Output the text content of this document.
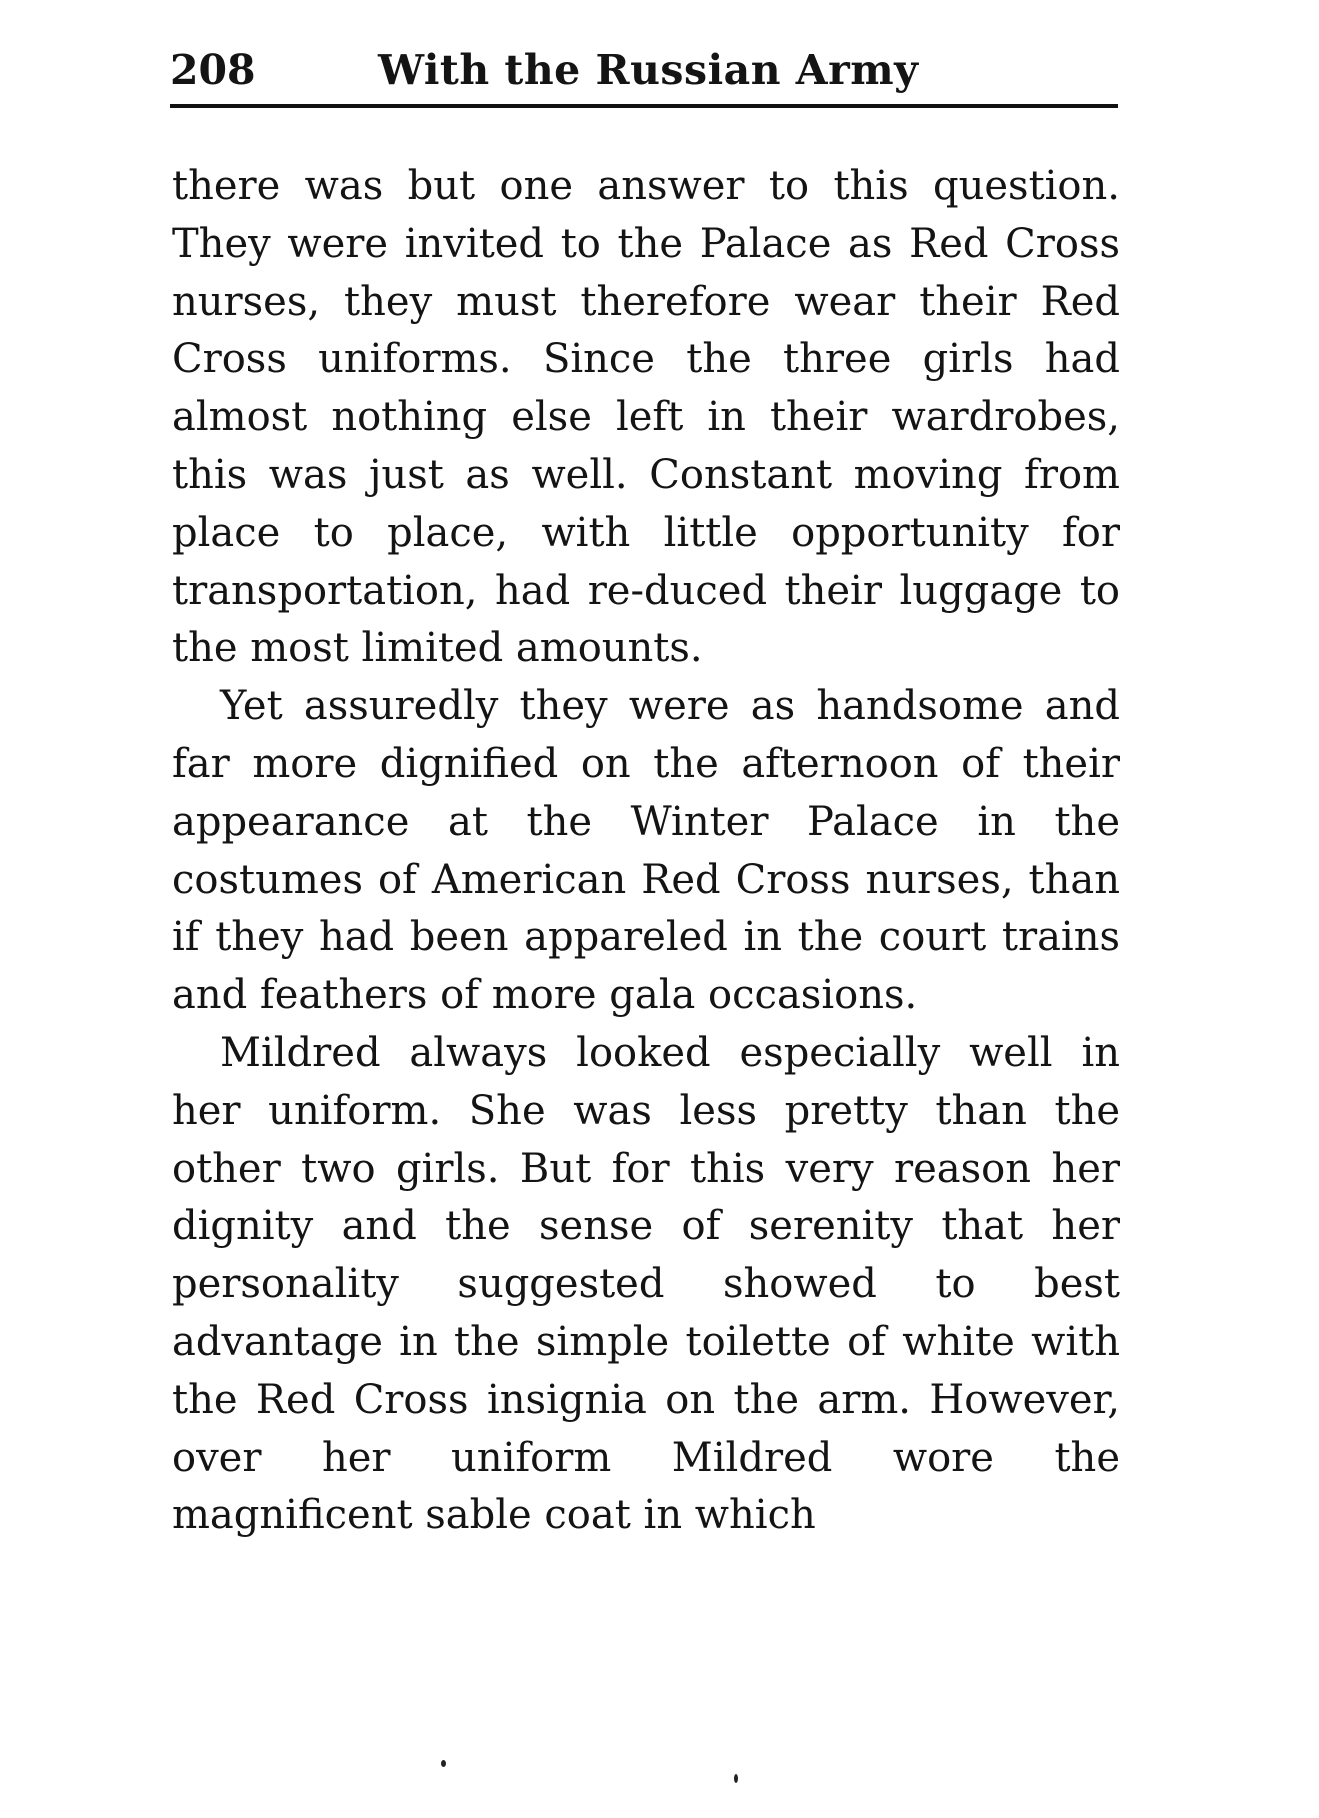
208	With the Russian Army

there was but one answer to this question. They were invited to the Palace as Red Cross nurses, they must therefore wear their Red Cross uniforms. Since the three girls had almost nothing else left in their wardrobes, this was just as well. Constant moving from place to place, with little opportunity for transportation, had re-duced their luggage to the most limited amounts.

Yet assuredly they were as handsome and far more dignified on the afternoon of their appearance at the Winter Palace in the costumes of American Red Cross nurses, than if they had been appareled in the court trains and feathers of more gala occasions.

Mildred always looked especially well in her uniform. She was less pretty than the other two girls. But for this very reason her dignity and the sense of serenity that her personality suggested showed to best advantage in the simple toilette of white with the Red Cross insignia on the arm. However, over her uniform Mildred wore the magnificent sable coat in which
